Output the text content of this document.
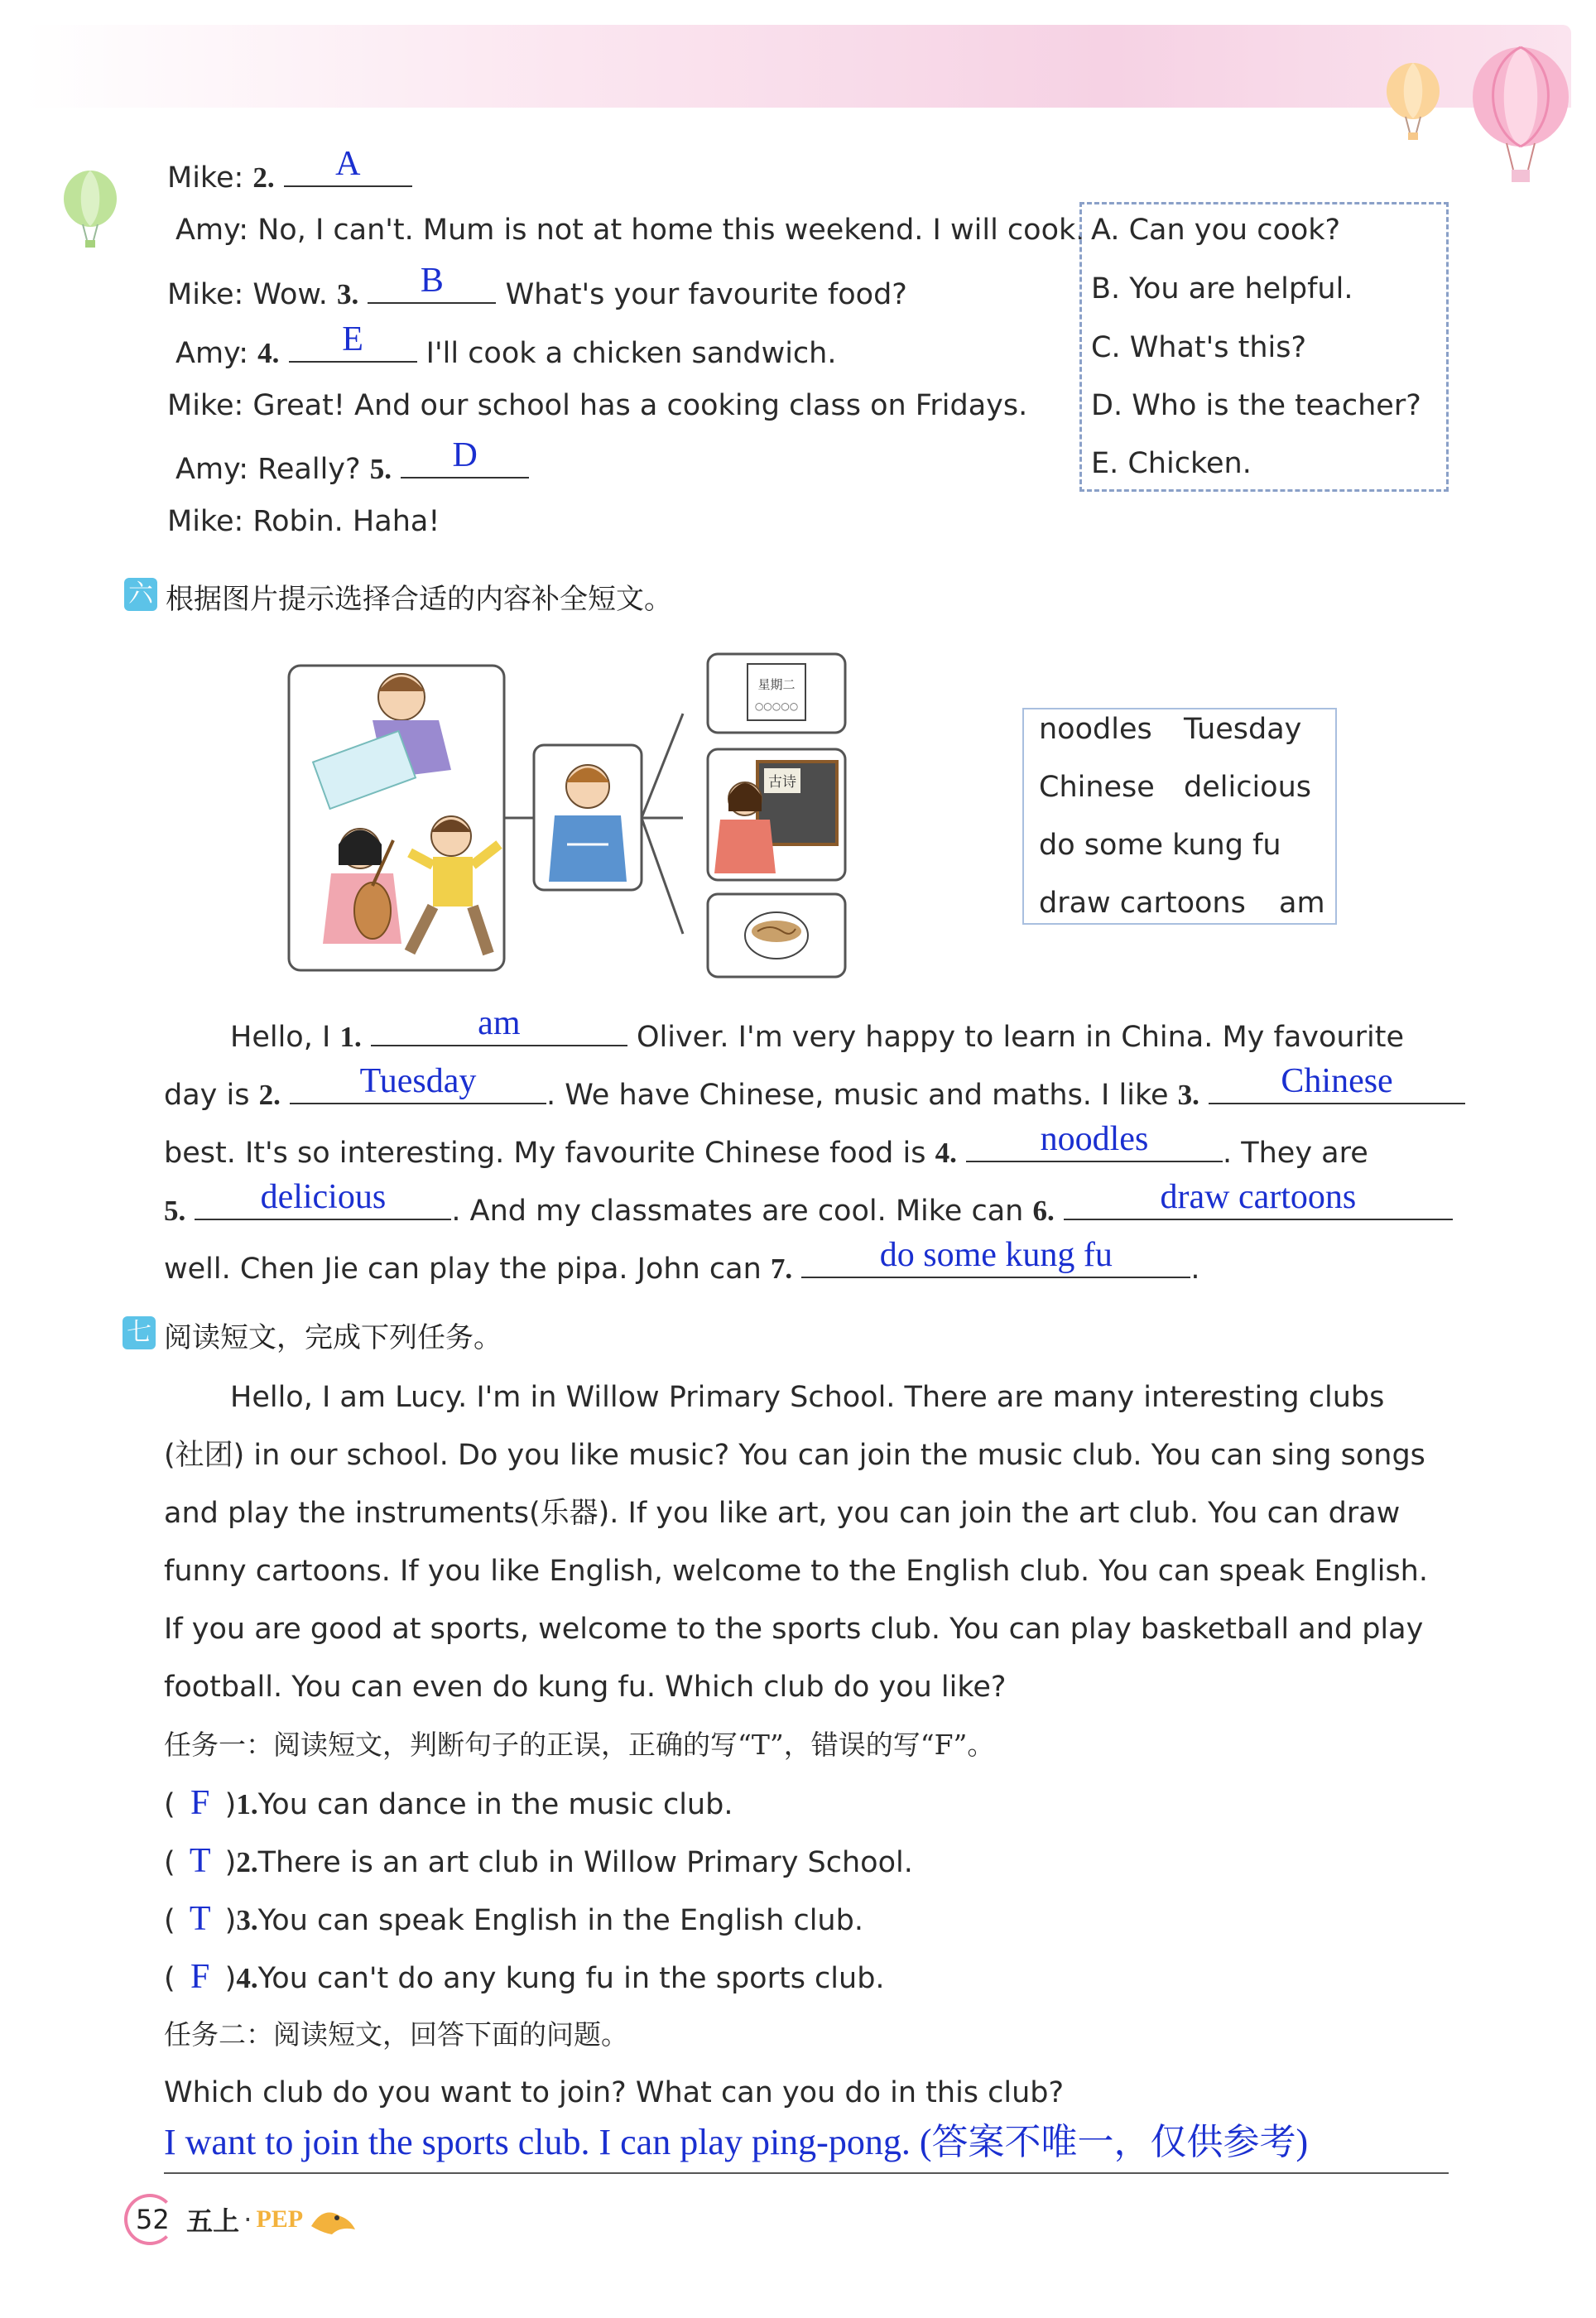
Mike: 2.	A
Amy: No, I can't. Mum is not at home this weekend. I will cook.
Mike: Wow. 3.	B	What's your favourite food?
Amy: 4.	E	I'll cook a chicken sandwich.
Mike: Great! And our school has a cooking class on Fridays.
Amy: Really? 5.	D
Mike: Robin. Haha!
A. Can you cook?
B. You are helpful.
C. What's this?
D. Who is the teacher?
E. Chicken.
六 根据图片提示选择合适的内容补全短文。
星期二
○○○○○
古诗
noodles Tuesday
Chinese delicious
do some kung fu
draw cartoons am
Hello, I 1.	am	Oliver. I'm very happy to learn in China. My favourite
day is 2.	Tuesday	. We have Chinese, music and maths. I like 3.	Chinese
best. It's so interesting. My favourite Chinese food is 4.	noodles	. They are
5.	delicious	. And my classmates are cool. Mike can 6.	draw cartoons
well. Chen Jie can play the pipa. John can 7.	do some kung fu	.
七 阅读短文，完成下列任务。
Hello, I am Lucy. I'm in Willow Primary School. There are many interesting clubs
(社团) in our school. Do you like music? You can join the music club. You can sing songs
and play the instruments(乐器). If you like art, you can join the art club. You can draw
funny cartoons. If you like English, welcome to the English club. You can speak English.
If you are good at sports, welcome to the sports club. You can play basketball and play
football. You can even do kung fu. Which club do you like?
任务一：阅读短文，判断句子的正误，正确的写“T”，错误的写“F”。
( F )1.You can dance in the music club.
( T )2.There is an art club in Willow Primary School.
( T )3.You can speak English in the English club.
( F )4.You can't do any kung fu in the sports club.
任务二：阅读短文，回答下面的问题。
Which club do you want to join? What can you do in this club?
I want to join the sports club. I can play ping-pong. (答案不唯一，仅供参考)
52 五上 · PEP
